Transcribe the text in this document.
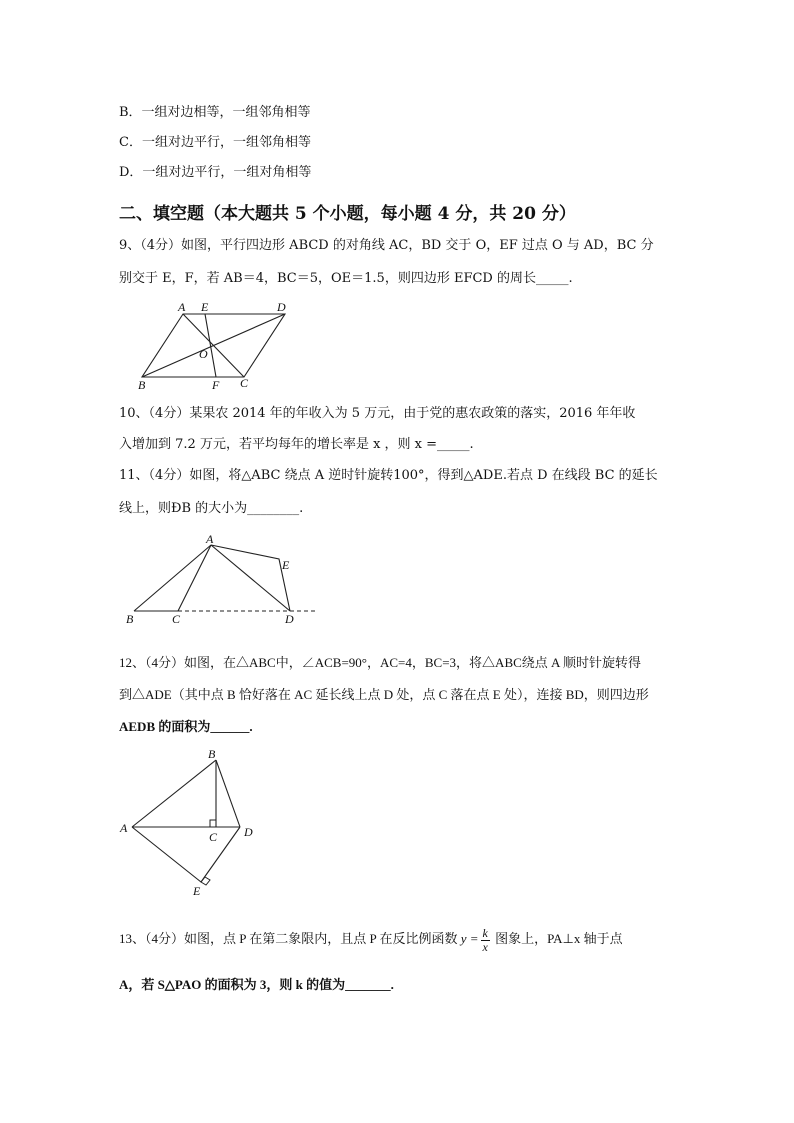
B．一组对边相等，一组邻角相等
C．一组对边平行，一组邻角相等
D．一组对边平行，一组对角相等
二、填空题（本大题共 5 个小题，每小题 4 分，共 20 分）
9、（4分）如图，平行四边形 ABCD 的对角线 AC，BD 交于 O，EF 过点 O 与 AD，BC 分
别交于 E，F，若 AB＝4，BC＝5，OE＝1.5，则四边形 EFCD 的周长_____.
A E	D
O
B	F C
10、（4分）某果农 2014 年的年收入为 5 万元，由于党的惠农政策的落实，2016 年年收
入增加到 7.2 万元，若平均每年的增长率是 x ，则 x =_____.
11、（4分）如图，将△ABC 绕点 A 逆时针旋转100°，得到△ADE.若点 D 在线段 BC 的延长
线上，则ÐB 的大小为________.
A
E
B	C	D
12、（4分）如图，在△ABC中，∠ACB=90°，AC=4，BC=3，将△ABC绕点 A 顺时针旋转得
到△ADE（其中点 B 恰好落在 AC 延长线上点 D 处，点 C 落在点 E 处），连接 BD，则四边形
AEDB 的面积为______.
B
A
C D
E
13、（4分）如图，点 P 在第二象限内，且点 P 在反比例函数 $y = \frac{k}{x}$ 图象上，PA⊥x 轴于点
A，若 S△PAO 的面积为 3，则 k 的值为_______.
